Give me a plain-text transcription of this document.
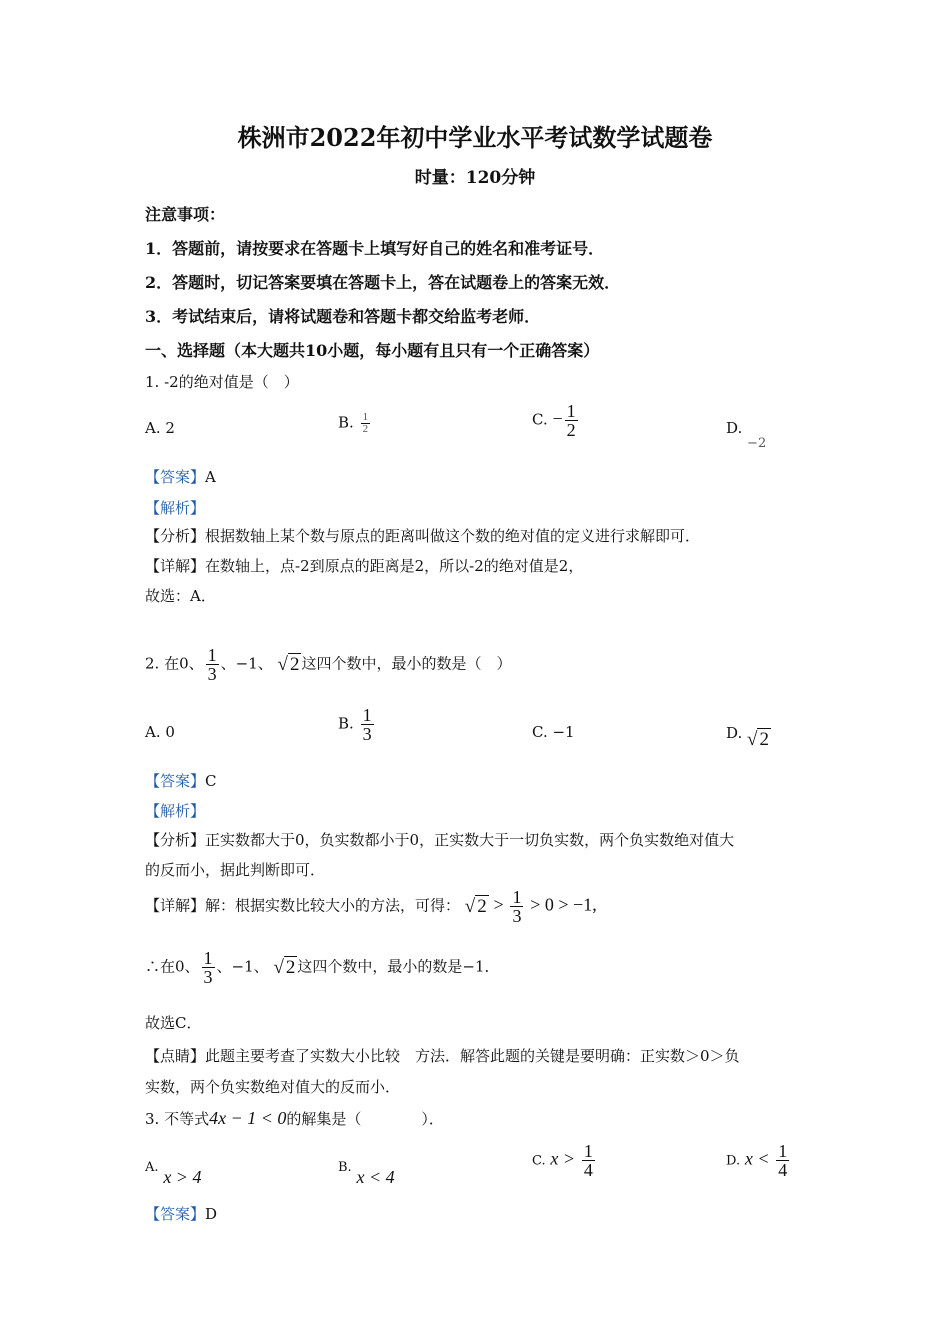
株洲市2022年初中学业水平考试数学试题卷
时量：120分钟
注意事项：
1．答题前，请按要求在答题卡上填写好自己的姓名和准考证号．
2．答题时，切记答案要填在答题卡上，答在试题卷上的答案无效．
3．考试结束后，请将试题卷和答题卡都交给监考老师．
一、选择题（本大题共10小题，每小题有且只有一个正确答案）
1. -2的绝对值是（　）
A. 2	B. $\frac{1}{2}$	C. − $\frac{1}{2}$	D. −2
【答案】A
【解析】
【分析】根据数轴上某个数与原点的距离叫做这个数的绝对值的定义进行求解即可．
【详解】在数轴上，点-2到原点的距离是2，所以-2的绝对值是2，
故选：A．
2. 在0、 $\frac{1}{3}$ 、−1、 √ 2 这四个数中，最小的数是（　）
A. 0	B. $\frac{1}{3}$	C. −1	D. √ 2
【答案】C
【解析】
【分析】正实数都大于0，负实数都小于0，正实数大于一切负实数，两个负实数绝对值大
的反而小，据此判断即可．
【详解】解：根据实数比较大小的方法，可得： √ $2 > \frac{1}{3} > 0 > -1$,
∴在0、 $\frac{1}{3}$ 、−1、 √ 2 这四个数中，最小的数是−1．
故选C．
【点睛】此题主要考查了实数大小比较　方法．解答此题的关键是要明确：正实数＞0＞负
实数，两个负实数绝对值大的反而小．
3. 不等式4x − 1 < 0的解集是（　　　　）．
A. x > 4	B. x < 4
C. $x > \frac{1}{4}$	D. $x < \frac{1}{4}$
【答案】D
